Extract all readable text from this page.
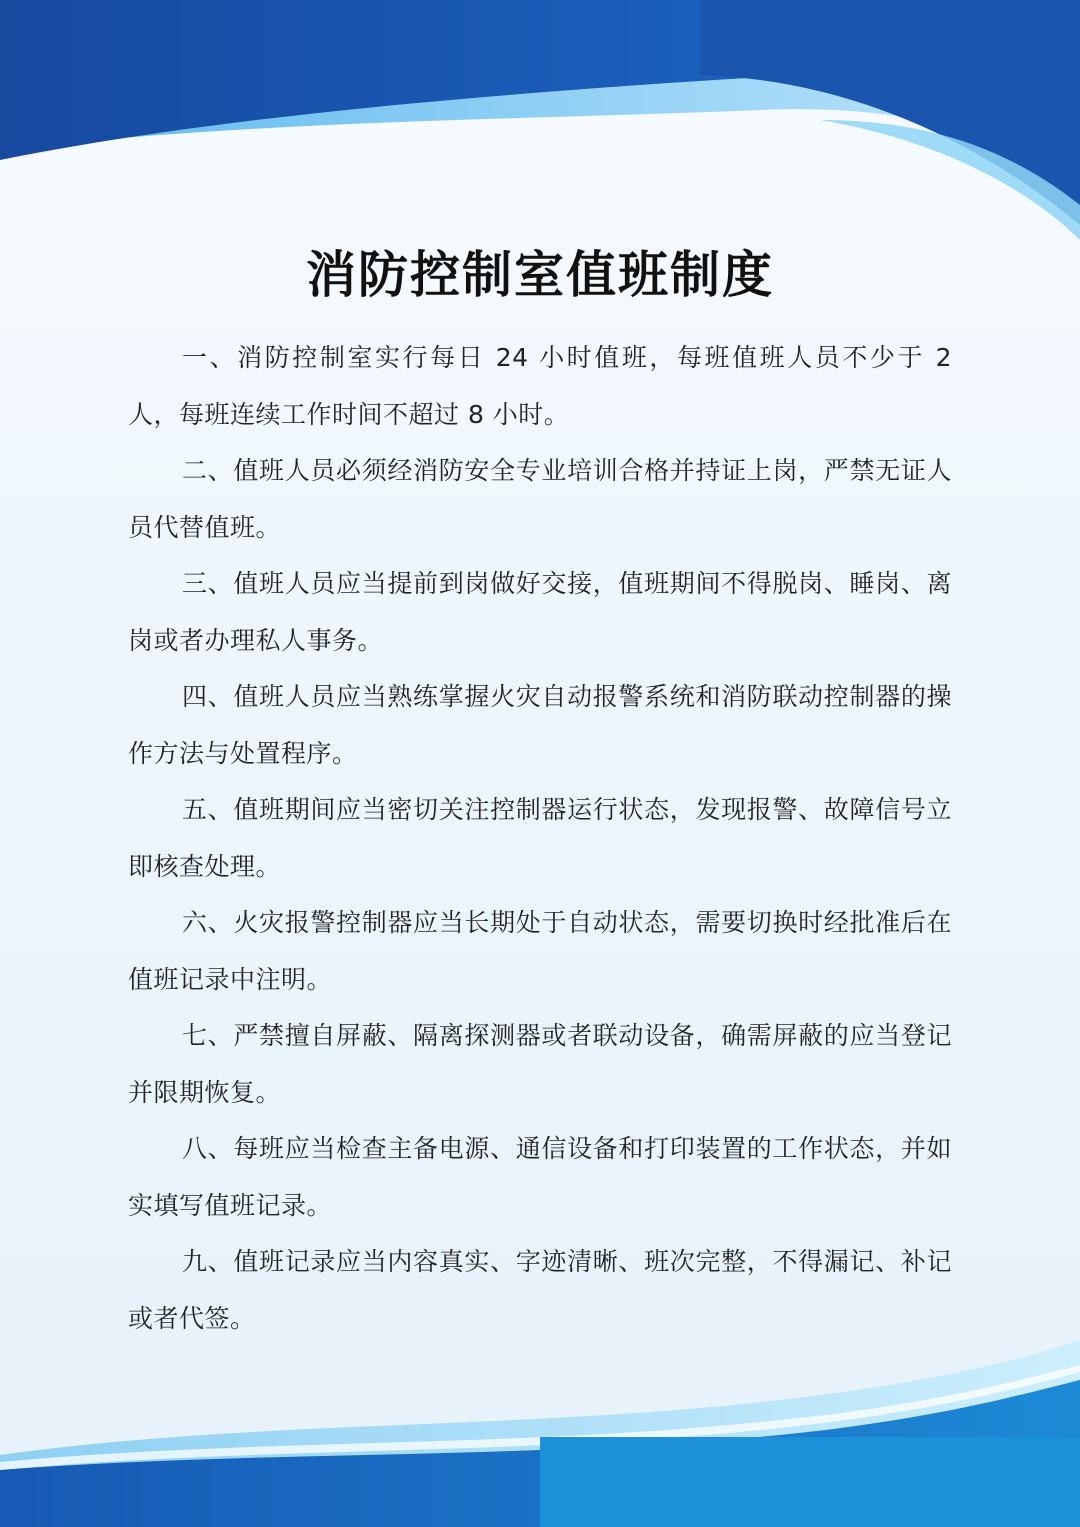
消防控制室值班制度

一、消防控制室实行每日 24 小时值班，每班值班人员不少于 2 人，每班连续工作时间不超过 8 小时。

二、值班人员必须经消防安全专业培训合格并持证上岗，严禁无证人员代替值班。

三、值班人员应当提前到岗做好交接，值班期间不得脱岗、睡岗、离岗或者办理私人事务。

四、值班人员应当熟练掌握火灾自动报警系统和消防联动控制器的操作方法与处置程序。

五、值班期间应当密切关注控制器运行状态，发现报警、故障信号立即核查处理。

六、火灾报警控制器应当长期处于自动状态，需要切换时经批准后在值班记录中注明。

七、严禁擅自屏蔽、隔离探测器或者联动设备，确需屏蔽的应当登记并限期恢复。

八、每班应当检查主备电源、通信设备和打印装置的工作状态，并如实填写值班记录。

九、值班记录应当内容真实、字迹清晰、班次完整，不得漏记、补记或者代签。
